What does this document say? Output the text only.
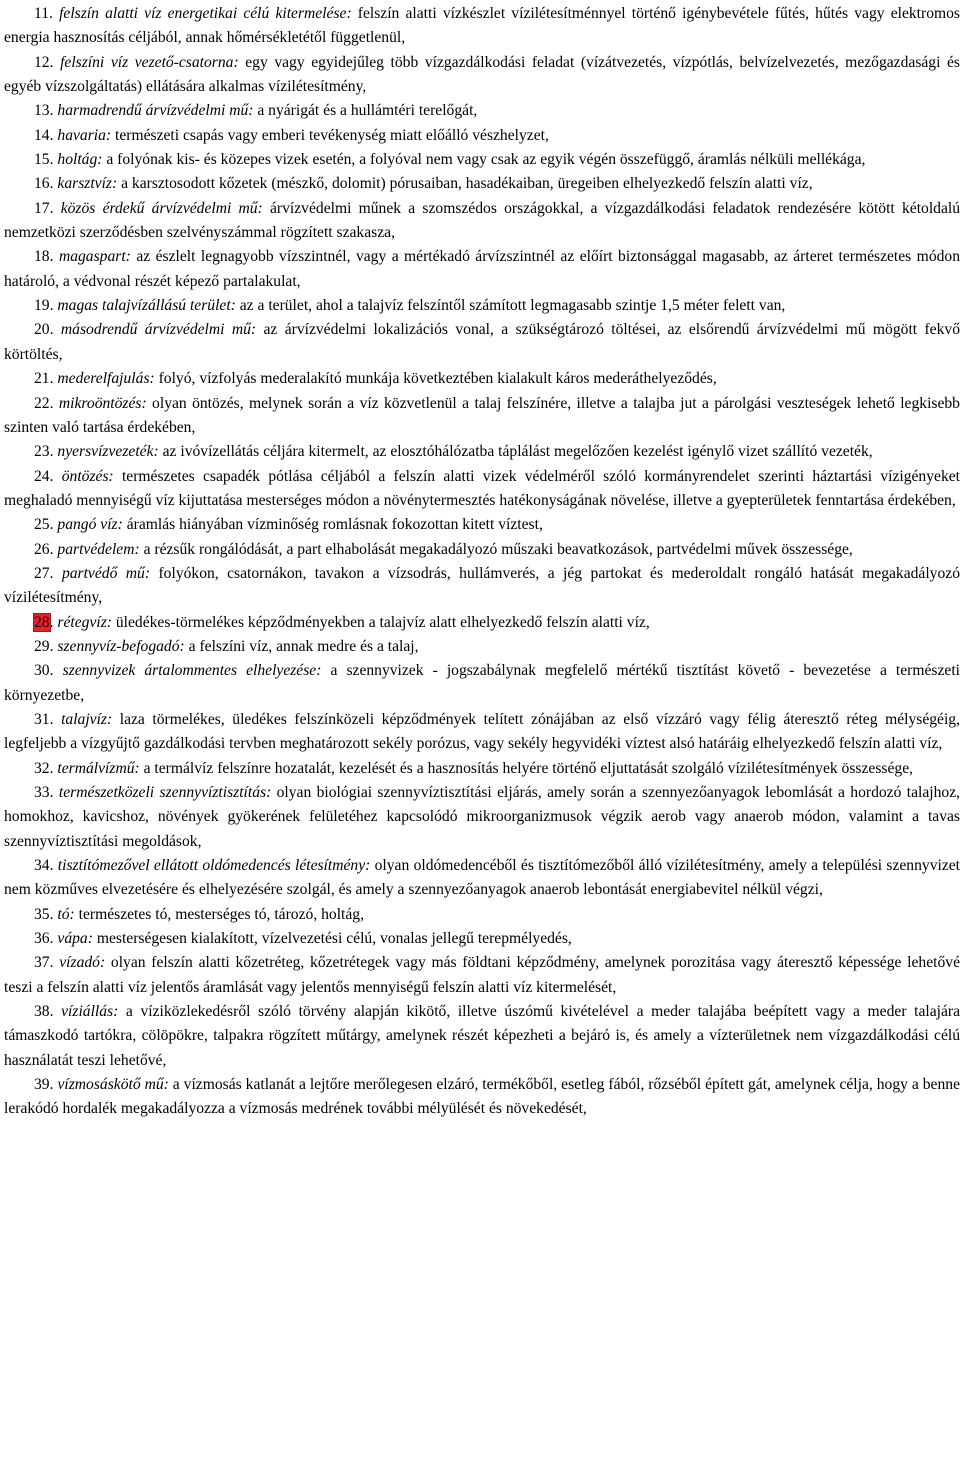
11. felszín alatti víz energetikai célú kitermelése: felszín alatti vízkészlet vízilétesítménnyel történő igénybevétele fűtés, hűtés vagy elektromos energia hasznosítás céljából, annak hőmérsékletétől függetlenül,

12. felszíni víz vezető-csatorna: egy vagy egyidejűleg több vízgazdálkodási feladat (vízátvezetés, vízpótlás, belvízelvezetés, mezőgazdasági és egyéb vízszolgáltatás) ellátására alkalmas vízilétesítmény,

13. harmadrendű árvízvédelmi mű: a nyárigát és a hullámtéri terelőgát,

14. havaria: természeti csapás vagy emberi tevékenység miatt előálló vészhelyzet,

15. holtág: a folyónak kis- és közepes vizek esetén, a folyóval nem vagy csak az egyik végén összefüggő, áramlás nélküli mellékága,

16. karsztvíz: a karsztosodott kőzetek (mészkő, dolomit) pórusaiban, hasadékaiban, üregeiben elhelyezkedő felszín alatti víz,

17. közös érdekű árvízvédelmi mű: árvízvédelmi műnek a szomszédos országokkal, a vízgazdálkodási feladatok rendezésére kötött kétoldalú nemzetközi szerződésben szelvényszámmal rögzített szakasza,

18. magaspart: az észlelt legnagyobb vízszintnél, vagy a mértékadó árvízszintnél az előírt biztonsággal magasabb, az árteret természetes módon határoló, a védvonal részét képező partalakulat,

19. magas talajvízállású terület: az a terület, ahol a talajvíz felszíntől számított legmagasabb szintje 1,5 méter felett van,

20. másodrendű árvízvédelmi mű: az árvízvédelmi lokalizációs vonal, a szükségtározó töltései, az elsőrendű árvízvédelmi mű mögött fekvő körtöltés,

21. mederelfajulás: folyó, vízfolyás mederalakító munkája következtében kialakult káros mederáthelyeződés,

22. mikroöntözés: olyan öntözés, melynek során a víz közvetlenül a talaj felszínére, illetve a talajba jut a párolgási veszteségek lehető legkisebb szinten való tartása érdekében,

23. nyersvízvezeték: az ivóvízellátás céljára kitermelt, az elosztóhálózatba táplálást megelőzően kezelést igénylő vizet szállító vezeték,

24. öntözés: természetes csapadék pótlása céljából a felszín alatti vizek védelméről szóló kormányrendelet szerinti háztartási vízigényeket meghaladó mennyiségű víz kijuttatása mesterséges módon a növénytermesztés hatékonyságának növelése, illetve a gyepterületek fenntartása érdekében,

25. pangó víz: áramlás hiányában vízminőség romlásnak fokozottan kitett víztest,

26. partvédelem: a rézsűk rongálódását, a part elhabolását megakadályozó műszaki beavatkozások, partvédelmi művek összessége,

27. partvédő mű: folyókon, csatornákon, tavakon a vízsodrás, hullámverés, a jég partokat és mederoldalt rongáló hatását megakadályozó vízilétesítmény,

28. rétegvíz: üledékes-törmelékes képződményekben a talajvíz alatt elhelyezkedő felszín alatti víz,

29. szennyvíz-befogadó: a felszíni víz, annak medre és a talaj,

30. szennyvizek ártalommentes elhelyezése: a szennyvizek - jogszabálynak megfelelő mértékű tisztítást követő - bevezetése a természeti környezetbe,

31. talajvíz: laza törmelékes, üledékes felszínközeli képződmények telített zónájában az első vízzáró vagy félig áteresztő réteg mélységéig, legfeljebb a vízgyűjtő gazdálkodási tervben meghatározott sekély porózus, vagy sekély hegyvidéki víztest alsó határáig elhelyezkedő felszín alatti víz,

32. termálvízmű: a termálvíz felszínre hozatalát, kezelését és a hasznosítás helyére történő eljuttatását szolgáló vízilétesítmények összessége,

33. természetközeli szennyvíztisztítás: olyan biológiai szennyvíztisztítási eljárás, amely során a szennyezőanyagok lebomlását a hordozó talajhoz, homokhoz, kavicshoz, növények gyökerének felületéhez kapcsolódó mikroorganizmusok végzik aerob vagy anaerob módon, valamint a tavas szennyvíztisztítási megoldások,

34. tisztítómezővel ellátott oldómedencés létesítmény: olyan oldómedencéből és tisztítómezőből álló vízilétesítmény, amely a települési szennyvizet nem közműves elvezetésére és elhelyezésére szolgál, és amely a szennyezőanyagok anaerob lebontását energiabevitel nélkül végzi,

35. tó: természetes tó, mesterséges tó, tározó, holtág,

36. vápa: mesterségesen kialakított, vízelvezetési célú, vonalas jellegű terepmélyedés,

37. vízadó: olyan felszín alatti kőzetréteg, kőzetrétegek vagy más földtani képződmény, amelynek porozitása vagy áteresztő képessége lehetővé teszi a felszín alatti víz jelentős áramlását vagy jelentős mennyiségű felszín alatti víz kitermelését,

38. víziállás: a víziközlekedésről szóló törvény alapján kikötő, illetve úszómű kivételével a meder talajába beépített vagy a meder talajára támaszkodó tartókra, cölöpökre, talpakra rögzített műtárgy, amelynek részét képezheti a bejáró is, és amely a vízterületnek nem vízgazdálkodási célú használatát teszi lehetővé,

39. vízmosáskötő mű: a vízmosás katlanát a lejtőre merőlegesen elzáró, termékőből, esetleg fából, rőzséből épített gát, amelynek célja, hogy a benne lerakódó hordalék megakadályozza a vízmosás medrének további mélyülését és növekedését,
